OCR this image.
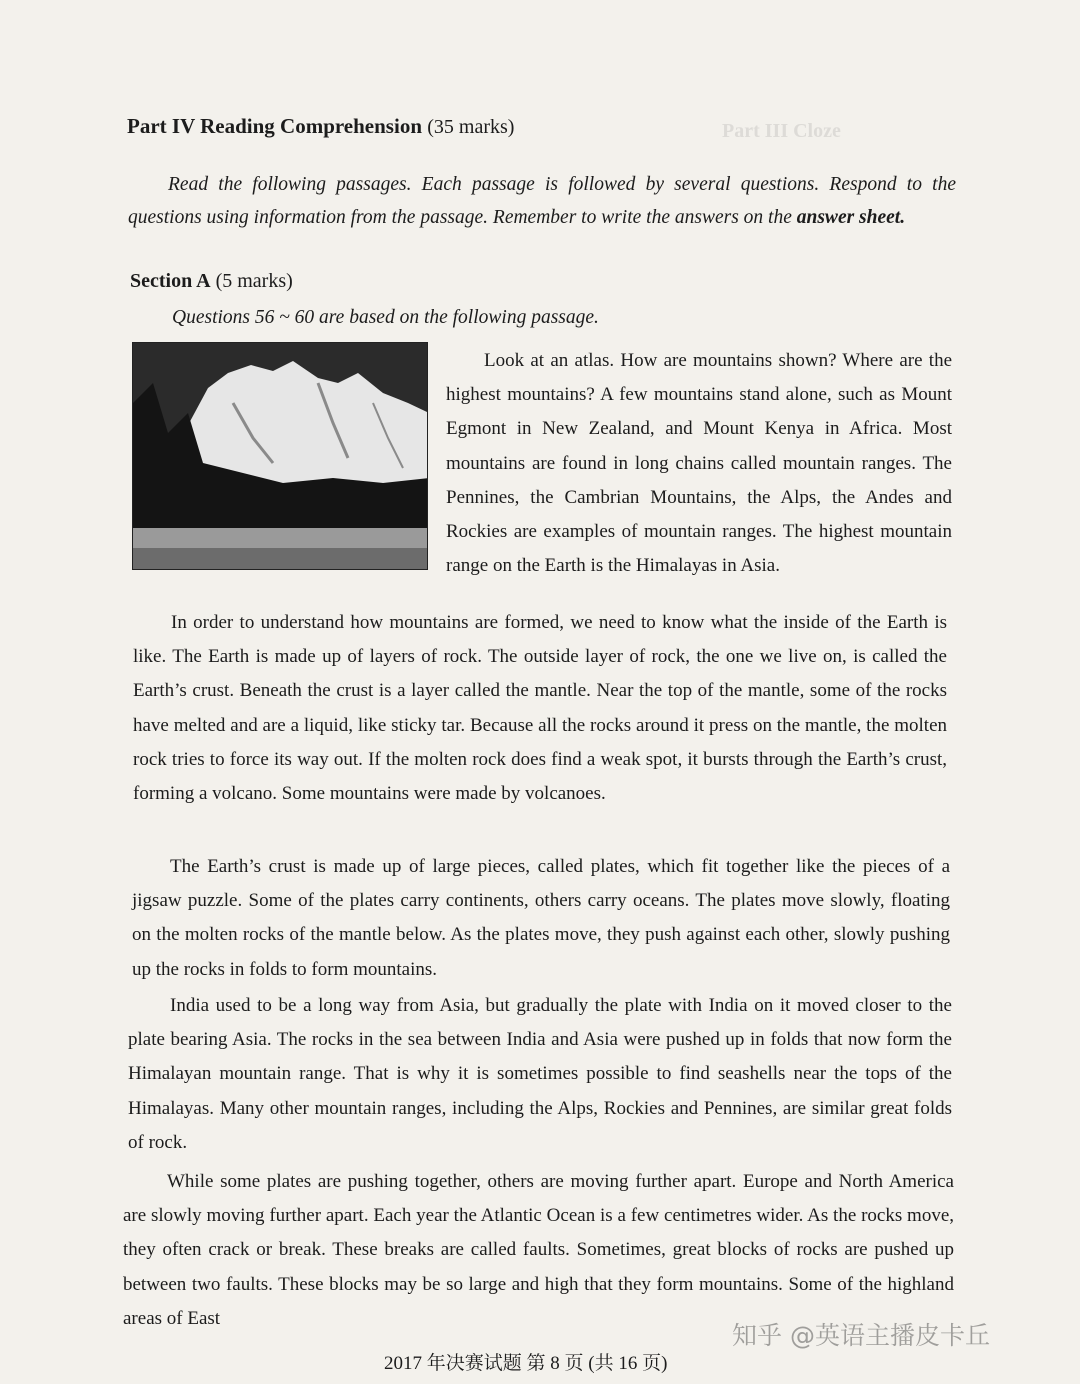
Part III Cloze
Part IV Reading Comprehension (35 marks)
Read the following passages. Each passage is followed by several questions. Respond to the questions using information from the passage. Remember to write the answers on the answer sheet.
Section A (5 marks)
Questions 56 ~ 60 are based on the following passage.

Look at an atlas. How are mountains shown? Where are the highest mountains? A few mountains stand alone, such as Mount Egmont in New Zealand, and Mount Kenya in Africa. Most mountains are found in long chains called mountain ranges. The Pennines, the Cambrian Mountains, the Alps, the Andes and Rockies are examples of mountain ranges. The highest mountain range on the Earth is the Himalayas in Asia.

In order to understand how mountains are formed, we need to know what the inside of the Earth is like. The Earth is made up of layers of rock. The outside layer of rock, the one we live on, is called the Earth’s crust. Beneath the crust is a layer called the mantle. Near the top of the mantle, some of the rocks have melted and are a liquid, like sticky tar. Because all the rocks around it press on the mantle, the molten rock tries to force its way out. If the molten rock does find a weak spot, it bursts through the Earth’s crust, forming a volcano. Some mountains were made by volcanoes.

The Earth’s crust is made up of large pieces, called plates, which fit together like the pieces of a jigsaw puzzle. Some of the plates carry continents, others carry oceans. The plates move slowly, floating on the molten rocks of the mantle below. As the plates move, they push against each other, slowly pushing up the rocks in folds to form mountains.

India used to be a long way from Asia, but gradually the plate with India on it moved closer to the plate bearing Asia. The rocks in the sea between India and Asia were pushed up in folds that now form the Himalayan mountain range. That is why it is sometimes possible to find seashells near the tops of the Himalayas. Many other mountain ranges, including the Alps, Rockies and Pennines, are similar great folds of rock.

While some plates are pushing together, others are moving further apart. Europe and North America are slowly moving further apart. Each year the Atlantic Ocean is a few centimetres wider. As the rocks move, they often crack or break. These breaks are called faults. Sometimes, great blocks of rocks are pushed up between two faults. These blocks may be so large and high that they form mountains. Some of the highland areas of East

知乎 @英语主播皮卡丘
2017 年决赛试题 第 8 页 (共 16 页)
